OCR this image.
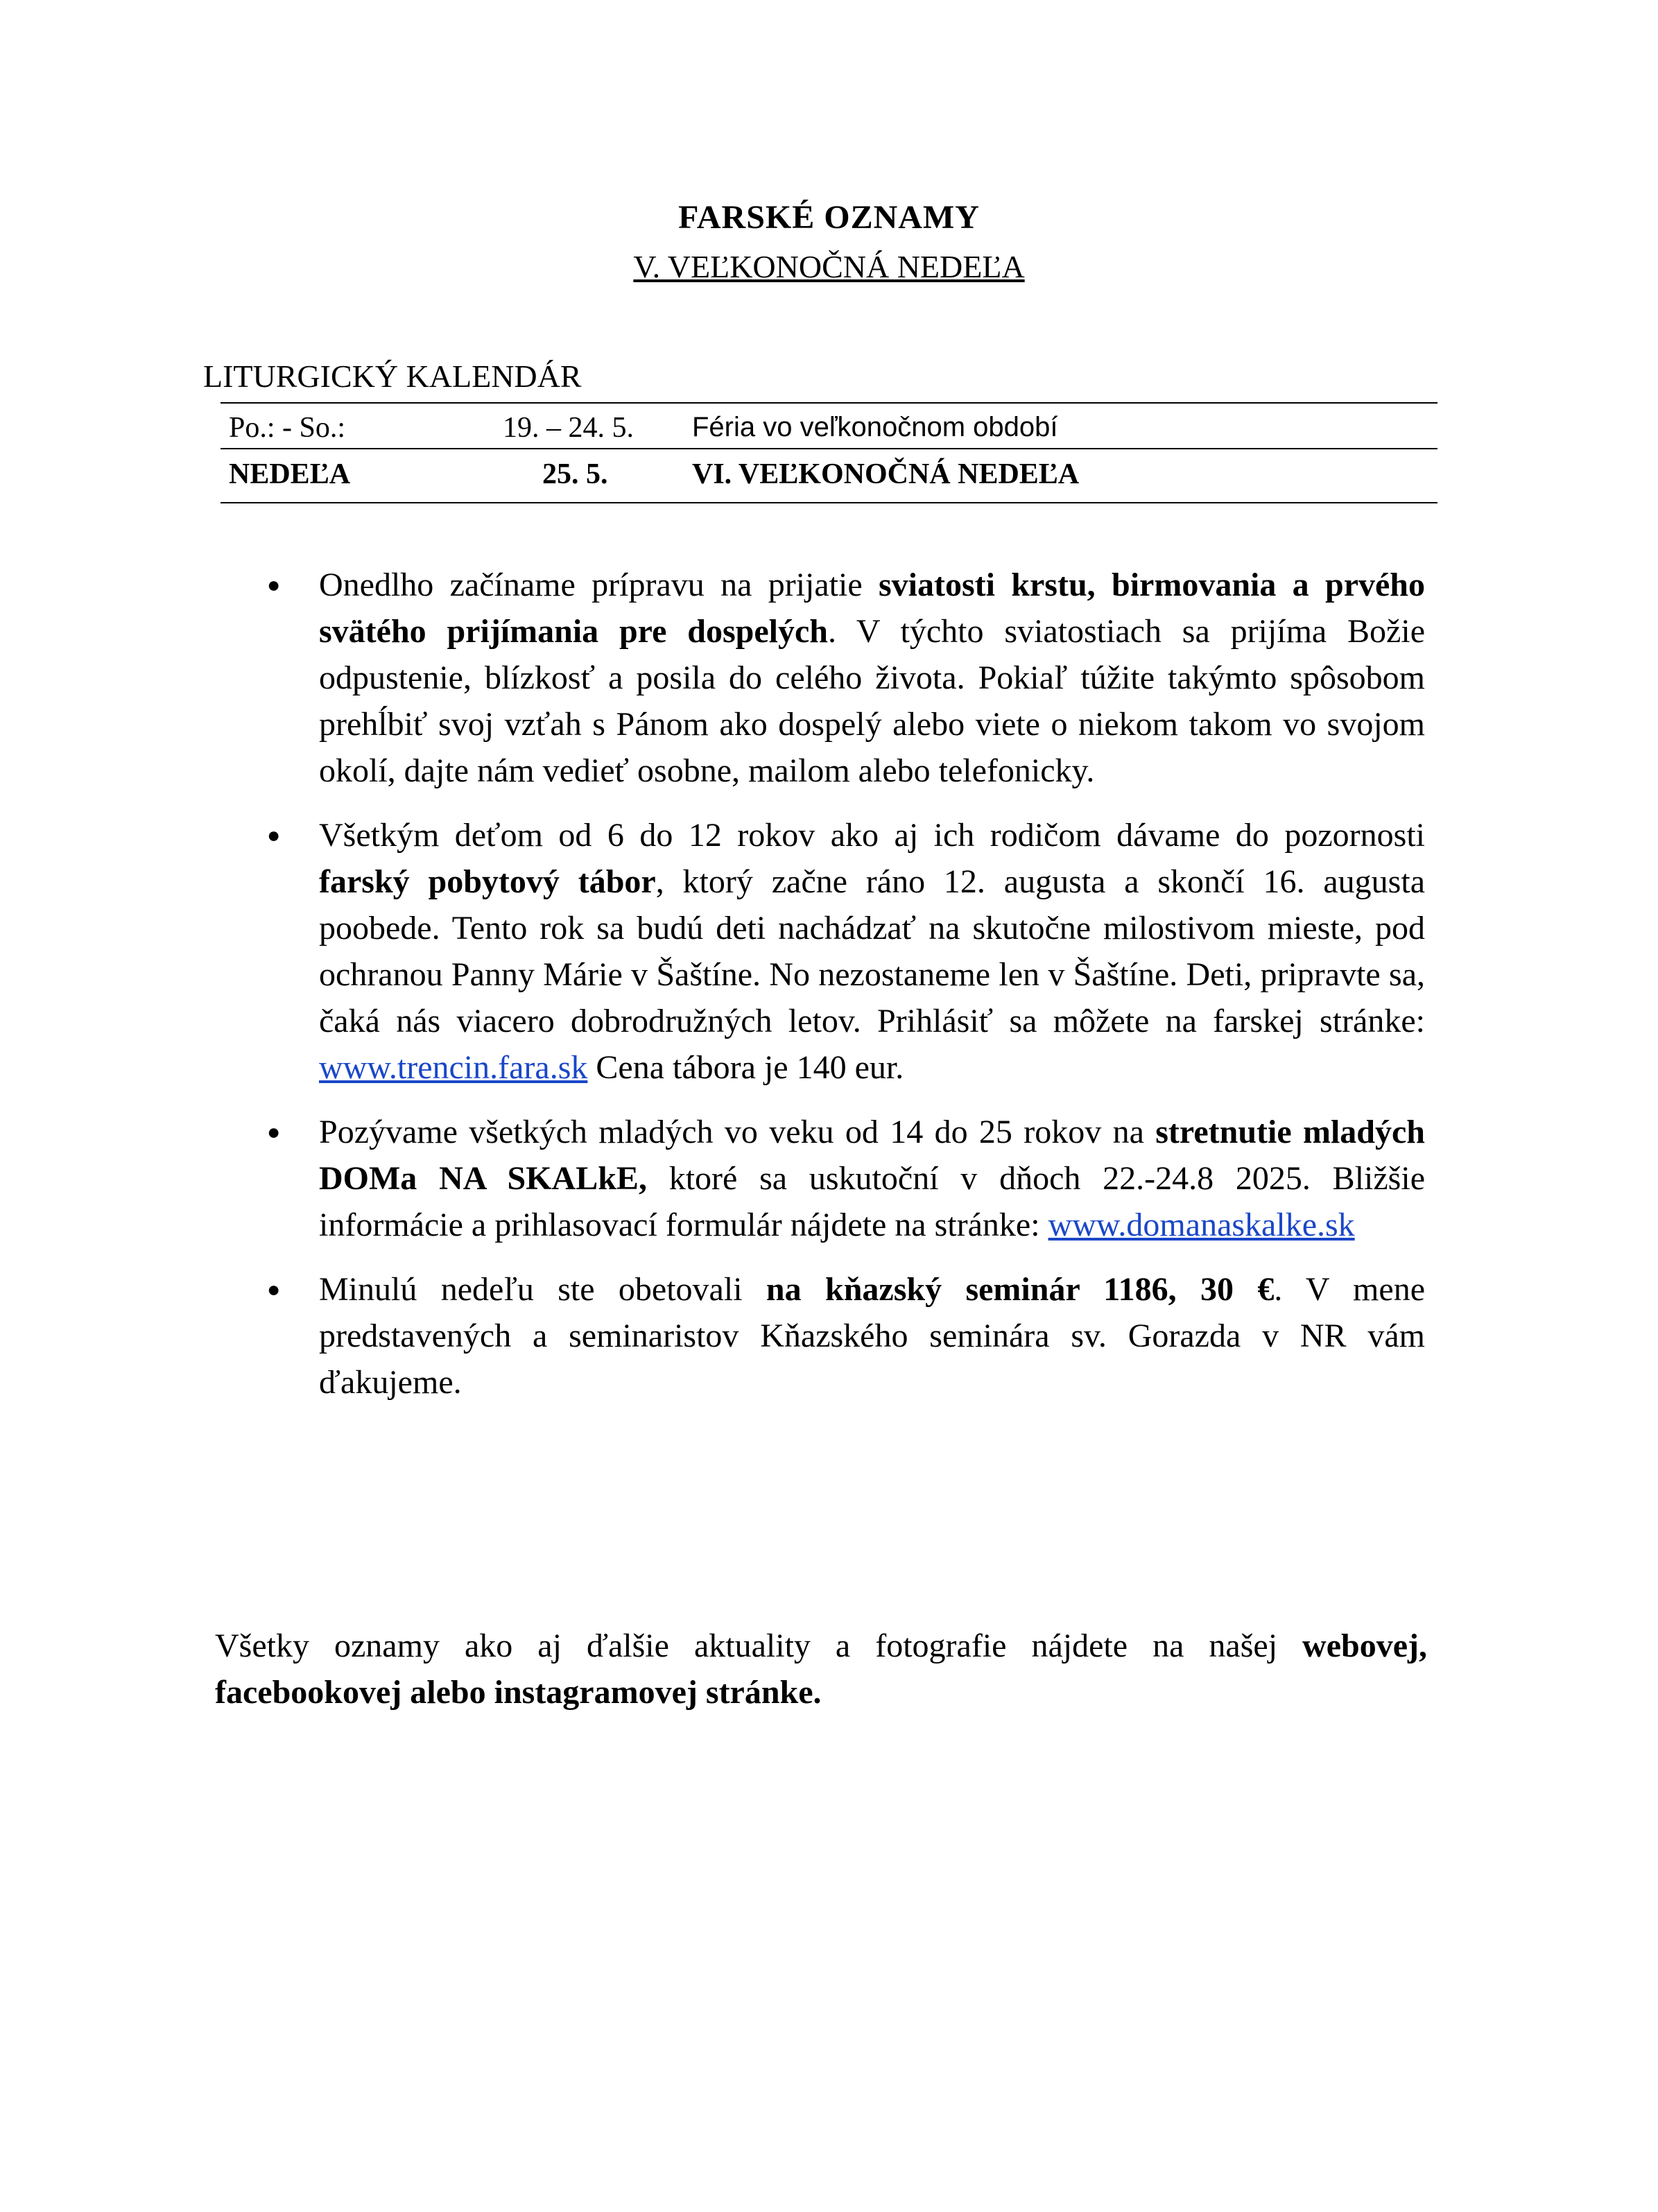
FARSKÉ OZNAMY
V. VEĽKONOČNÁ NEDEĽA
LITURGICKÝ KALENDÁR
Po.: - So.:	19. – 24. 5. Féria vo veľkonočnom období
NEDEĽA	25. 5.	VI. VEĽKONOČNÁ NEDEĽA
● Onedlho začíname prípravu na prijatie sviatosti krstu, birmovania a prvého svätého prijímania pre dospelých. V týchto sviatostiach sa prijíma Božie odpustenie, blízkosť a posila do celého života. Pokiaľ túžite takýmto spôsobom prehĺbiť svoj vzťah s Pánom ako dospelý alebo viete o niekom takom vo svojom okolí, dajte nám vedieť osobne, mailom alebo telefonicky.
● Všetkým deťom od 6 do 12 rokov ako aj ich rodičom dávame do pozornosti farský pobytový tábor, ktorý začne ráno 12. augusta a skončí 16. augusta poobede. Tento rok sa budú deti nachádzať na skutočne milostivom mieste, pod ochranou Panny Márie v Šaštíne. No nezostaneme len v Šaštíne. Deti, pripravte sa, čaká nás viacero dobrodružných letov. Prihlásiť sa môžete na farskej stránke: www.trencin.fara.sk Cena tábora je 140 eur.
● Pozývame všetkých mladých vo veku od 14 do 25 rokov na stretnutie mladých DOMa NA SKALkE, ktoré sa uskutoční v dňoch 22.-24.8 2025. Bližšie informácie a prihlasovací formulár nájdete na stránke: www.domanaskalke.sk
● Minulú nedeľu ste obetovali na kňazský seminár 1186, 30 €. V mene predstavených a seminaristov Kňazského seminára sv. Gorazda v NR vám ďakujeme.
Všetky oznamy ako aj ďalšie aktuality a fotografie nájdete na našej webovej, facebookovej alebo instagramovej stránke.
